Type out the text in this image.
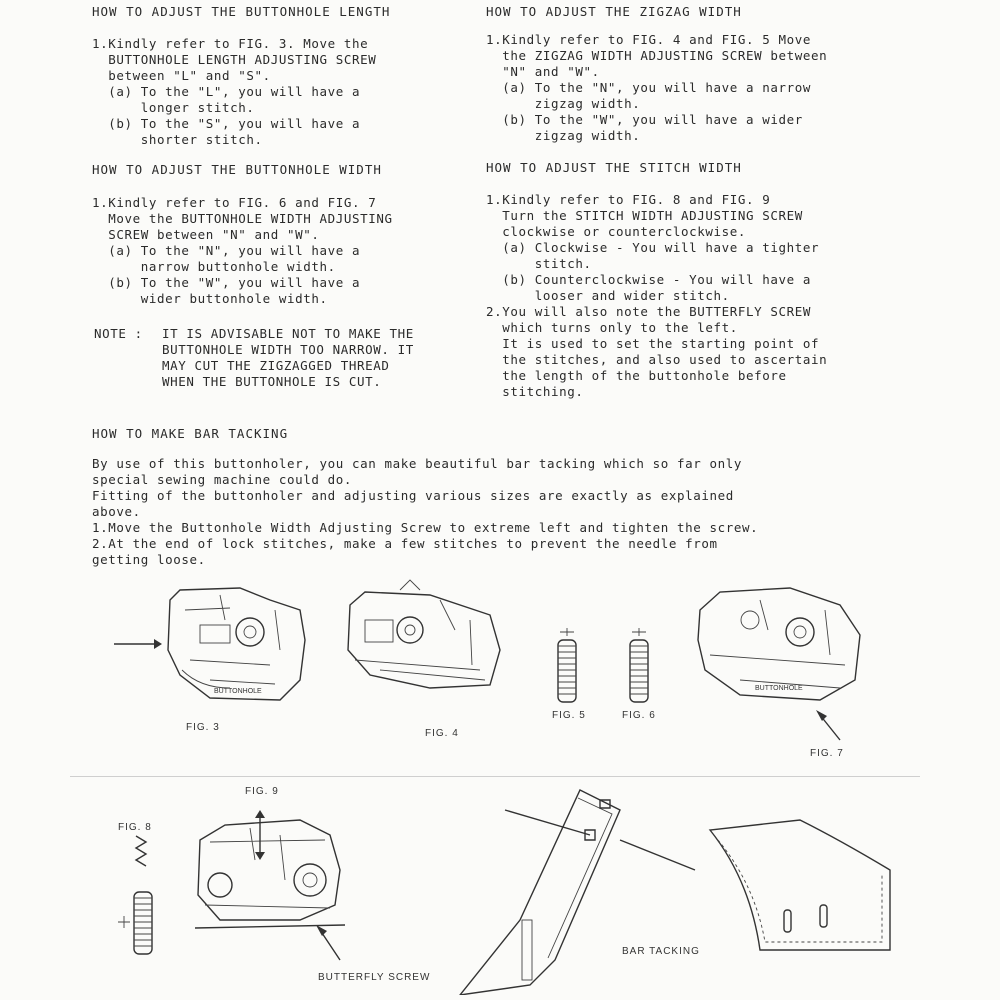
HOW TO ADJUST THE BUTTONHOLE LENGTH
1.Kindly refer to FIG. 3. Move the
BUTTONHOLE LENGTH ADJUSTING SCREW
between "L" and "S".
(a) To the "L", you will have a
longer stitch.
(b) To the "S", you will have a
shorter stitch.
HOW TO ADJUST THE BUTTONHOLE WIDTH
1.Kindly refer to FIG. 6 and FIG. 7
Move the BUTTONHOLE WIDTH ADJUSTING
SCREW between "N" and "W".
(a) To the "N", you will have a
narrow buttonhole width.
(b) To the "W", you will have a
wider buttonhole width.
NOTE : IT IS ADVISABLE NOT TO MAKE THE
BUTTONHOLE WIDTH TOO NARROW. IT
MAY CUT THE ZIGZAGGED THREAD
WHEN THE BUTTONHOLE IS CUT.
HOW TO ADJUST THE ZIGZAG WIDTH
1.Kindly refer to FIG. 4 and FIG. 5 Move
the ZIGZAG WIDTH ADJUSTING SCREW between
"N" and "W".
(a) To the "N", you will have a narrow
zigzag width.
(b) To the "W", you will have a wider
zigzag width.
HOW TO ADJUST THE STITCH WIDTH
1.Kindly refer to FIG. 8 and FIG. 9
Turn the STITCH WIDTH ADJUSTING SCREW
clockwise or counterclockwise.
(a) Clockwise - You will have a tighter
stitch.
(b) Counterclockwise - You will have a
looser and wider stitch.
2.You will also note the BUTTERFLY SCREW
which turns only to the left.
It is used to set the starting point of
the stitches, and also used to ascertain
the length of the buttonhole before
stitching.
HOW TO MAKE BAR TACKING
By use of this buttonholer, you can make beautiful bar tacking which so far only
special sewing machine could do.
Fitting of the buttonholer and adjusting various sizes are exactly as explained
above.
1.Move the Buttonhole Width Adjusting Screw to extreme left and tighten the screw.
2.At the end of lock stitches, make a few stitches to prevent the needle from
getting loose.
BUTTONHOLE	BUTTONHOLE
FIG. 3
FIG. 4
FIG. 5	FIG. 6
FIG. 7
FIG. 9
FIG. 8
BUTTERFLY SCREW
BAR TACKING
